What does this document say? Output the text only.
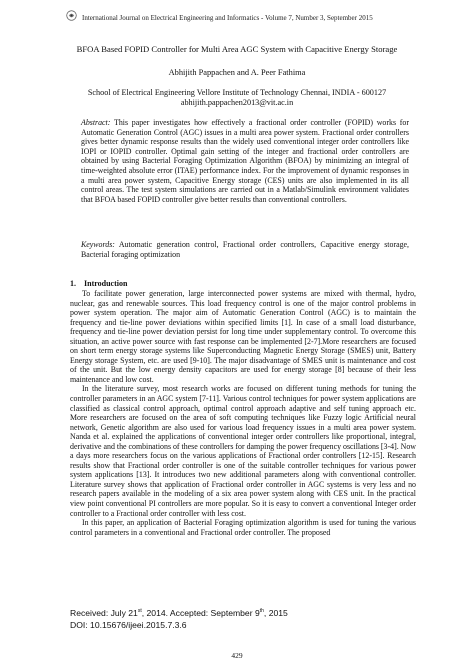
International Journal on Electrical Engineering and Informatics - Volume 7, Number 3, September 2015
BFOA Based FOPID Controller for Multi Area AGC System with Capacitive Energy Storage
Abhijith Pappachen and A. Peer Fathima
School of Electrical Engineering Vellore Institute of Technology Chennai, INDIA - 600127
abhijith.pappachen2013@vit.ac.in
Abstract: This paper investigates how effectively a fractional order controller (FOPID) works for Automatic Generation Control (AGC) issues in a multi area power system. Fractional order controllers gives better dynamic response results than the widely used conventional integer order controllers like IOPI or IOPID controller. Optimal gain setting of the integer and fractional order controllers are obtained by using Bacterial Foraging Optimization Algorithm (BFOA) by minimizing an integral of time-weighted absolute error (ITAE) performance index. For the improvement of dynamic responses in a multi area power system, Capacitive Energy storage (CES) units are also implemented in its all control areas. The test system simulations are carried out in a Matlab/Simulink environment validates that BFOA based FOPID controller give better results than conventional controllers.
Keywords: Automatic generation control, Fractional order controllers, Capacitive energy storage, Bacterial foraging optimization
1. Introduction

To facilitate power generation, large interconnected power systems are mixed with thermal, hydro, nuclear, gas and renewable sources. This load frequency control is one of the major control problems in power system operation. The major aim of Automatic Generation Control (AGC) is to maintain the frequency and tie-line power deviations within specified limits [1]. In case of a small load disturbance, frequency and tie-line power deviation persist for long time under supplementary control. To overcome this situation, an active power source with fast response can be implemented [2-7].More researchers are focused on short term energy storage systems like Superconducting Magnetic Energy Storage (SMES) unit, Battery Energy storage System, etc. are used [9-10]. The major disadvantage of SMES unit is maintenance and cost of the unit. But the low energy density capacitors are used for energy storage [8] because of their less maintenance and low cost.

In the literature survey, most research works are focused on different tuning methods for tuning the controller parameters in an AGC system [7-11]. Various control techniques for power system applications are classified as classical control approach, optimal control approach adaptive and self tuning approach etc. More researchers are focused on the area of soft computing techniques like Fuzzy logic Artificial neural network, Genetic algorithm are also used for various load frequency issues in a multi area power system. Nanda et al. explained the applications of conventional integer order controllers like proportional, integral, derivative and the combinations of these controllers for damping the power frequency oscillations [3-4]. Now a days more researchers focus on the various applications of Fractional order controllers [12-15]. Research results show that Fractional order controller is one of the suitable controller techniques for various power system applications [13]. It introduces two new additional parameters along with conventional controller. Literature survey shows that application of Fractional order controller in AGC systems is very less and no research papers available in the modeling of a six area power system along with CES unit. In the practical view point conventional PI controllers are more popular. So it is easy to convert a conventional Integer order controller to a Fractional order controller with less cost.

In this paper, an application of Bacterial Foraging optimization algorithm is used for tuning the various control parameters in a conventional and Fractional order controller. The proposed

Received: July 21st, 2014. Accepted: September 9th, 2015
DOI: 10.15676/ijeei.2015.7.3.6
429
